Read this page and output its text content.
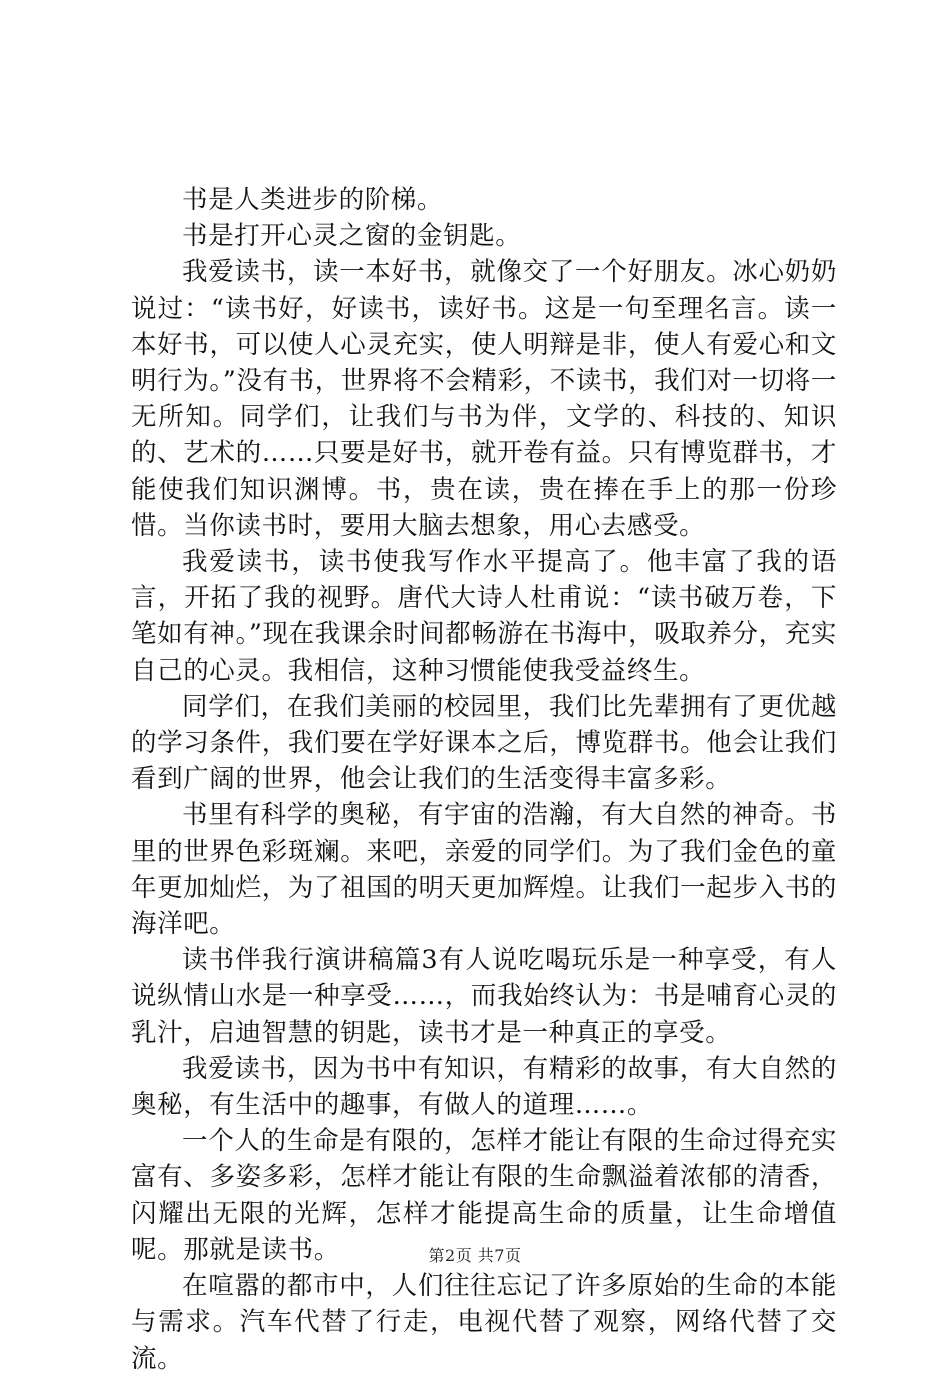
书是人类进步的阶梯。

书是打开心灵之窗的金钥匙。

我爱读书，读一本好书，就像交了一个好朋友。冰心奶奶说过：“读书好，好读书，读好书。这是一句至理名言。读一本好书，可以使人心灵充实，使人明辩是非，使人有爱心和文明行为。”没有书，世界将不会精彩，不读书，我们对一切将一无所知。同学们，让我们与书为伴，文学的、科技的、知识的、艺术的……只要是好书，就开卷有益。只有博览群书，才能使我们知识渊博。书，贵在读，贵在捧在手上的那一份珍惜。当你读书时，要用大脑去想象，用心去感受。

我爱读书，读书使我写作水平提高了。他丰富了我的语言，开拓了我的视野。唐代大诗人杜甫说：“读书破万卷，下笔如有神。”现在我课余时间都畅游在书海中，吸取养分，充实自己的心灵。我相信，这种习惯能使我受益终生。

同学们，在我们美丽的校园里，我们比先辈拥有了更优越的学习条件，我们要在学好课本之后，博览群书。他会让我们看到广阔的世界，他会让我们的生活变得丰富多彩。

书里有科学的奥秘，有宇宙的浩瀚，有大自然的神奇。书里的世界色彩斑斓。来吧，亲爱的同学们。为了我们金色的童年更加灿烂，为了祖国的明天更加辉煌。让我们一起步入书的海洋吧。

读书伴我行演讲稿篇3有人说吃喝玩乐是一种享受，有人说纵情山水是一种享受……，而我始终认为：书是哺育心灵的乳汁，启迪智慧的钥匙，读书才是一种真正的享受。

我爱读书，因为书中有知识，有精彩的故事，有大自然的奥秘，有生活中的趣事，有做人的道理……。

一个人的生命是有限的，怎样才能让有限的生命过得充实富有、多姿多彩，怎样才能让有限的生命飘溢着浓郁的清香，闪耀出无限的光辉，怎样才能提高生命的质量，让生命增值呢。那就是读书。

在喧嚣的都市中，人们往往忘记了许多原始的生命的本能与需求。汽车代替了行走，电视代替了观察，网络代替了交流。

第2页 共7页
